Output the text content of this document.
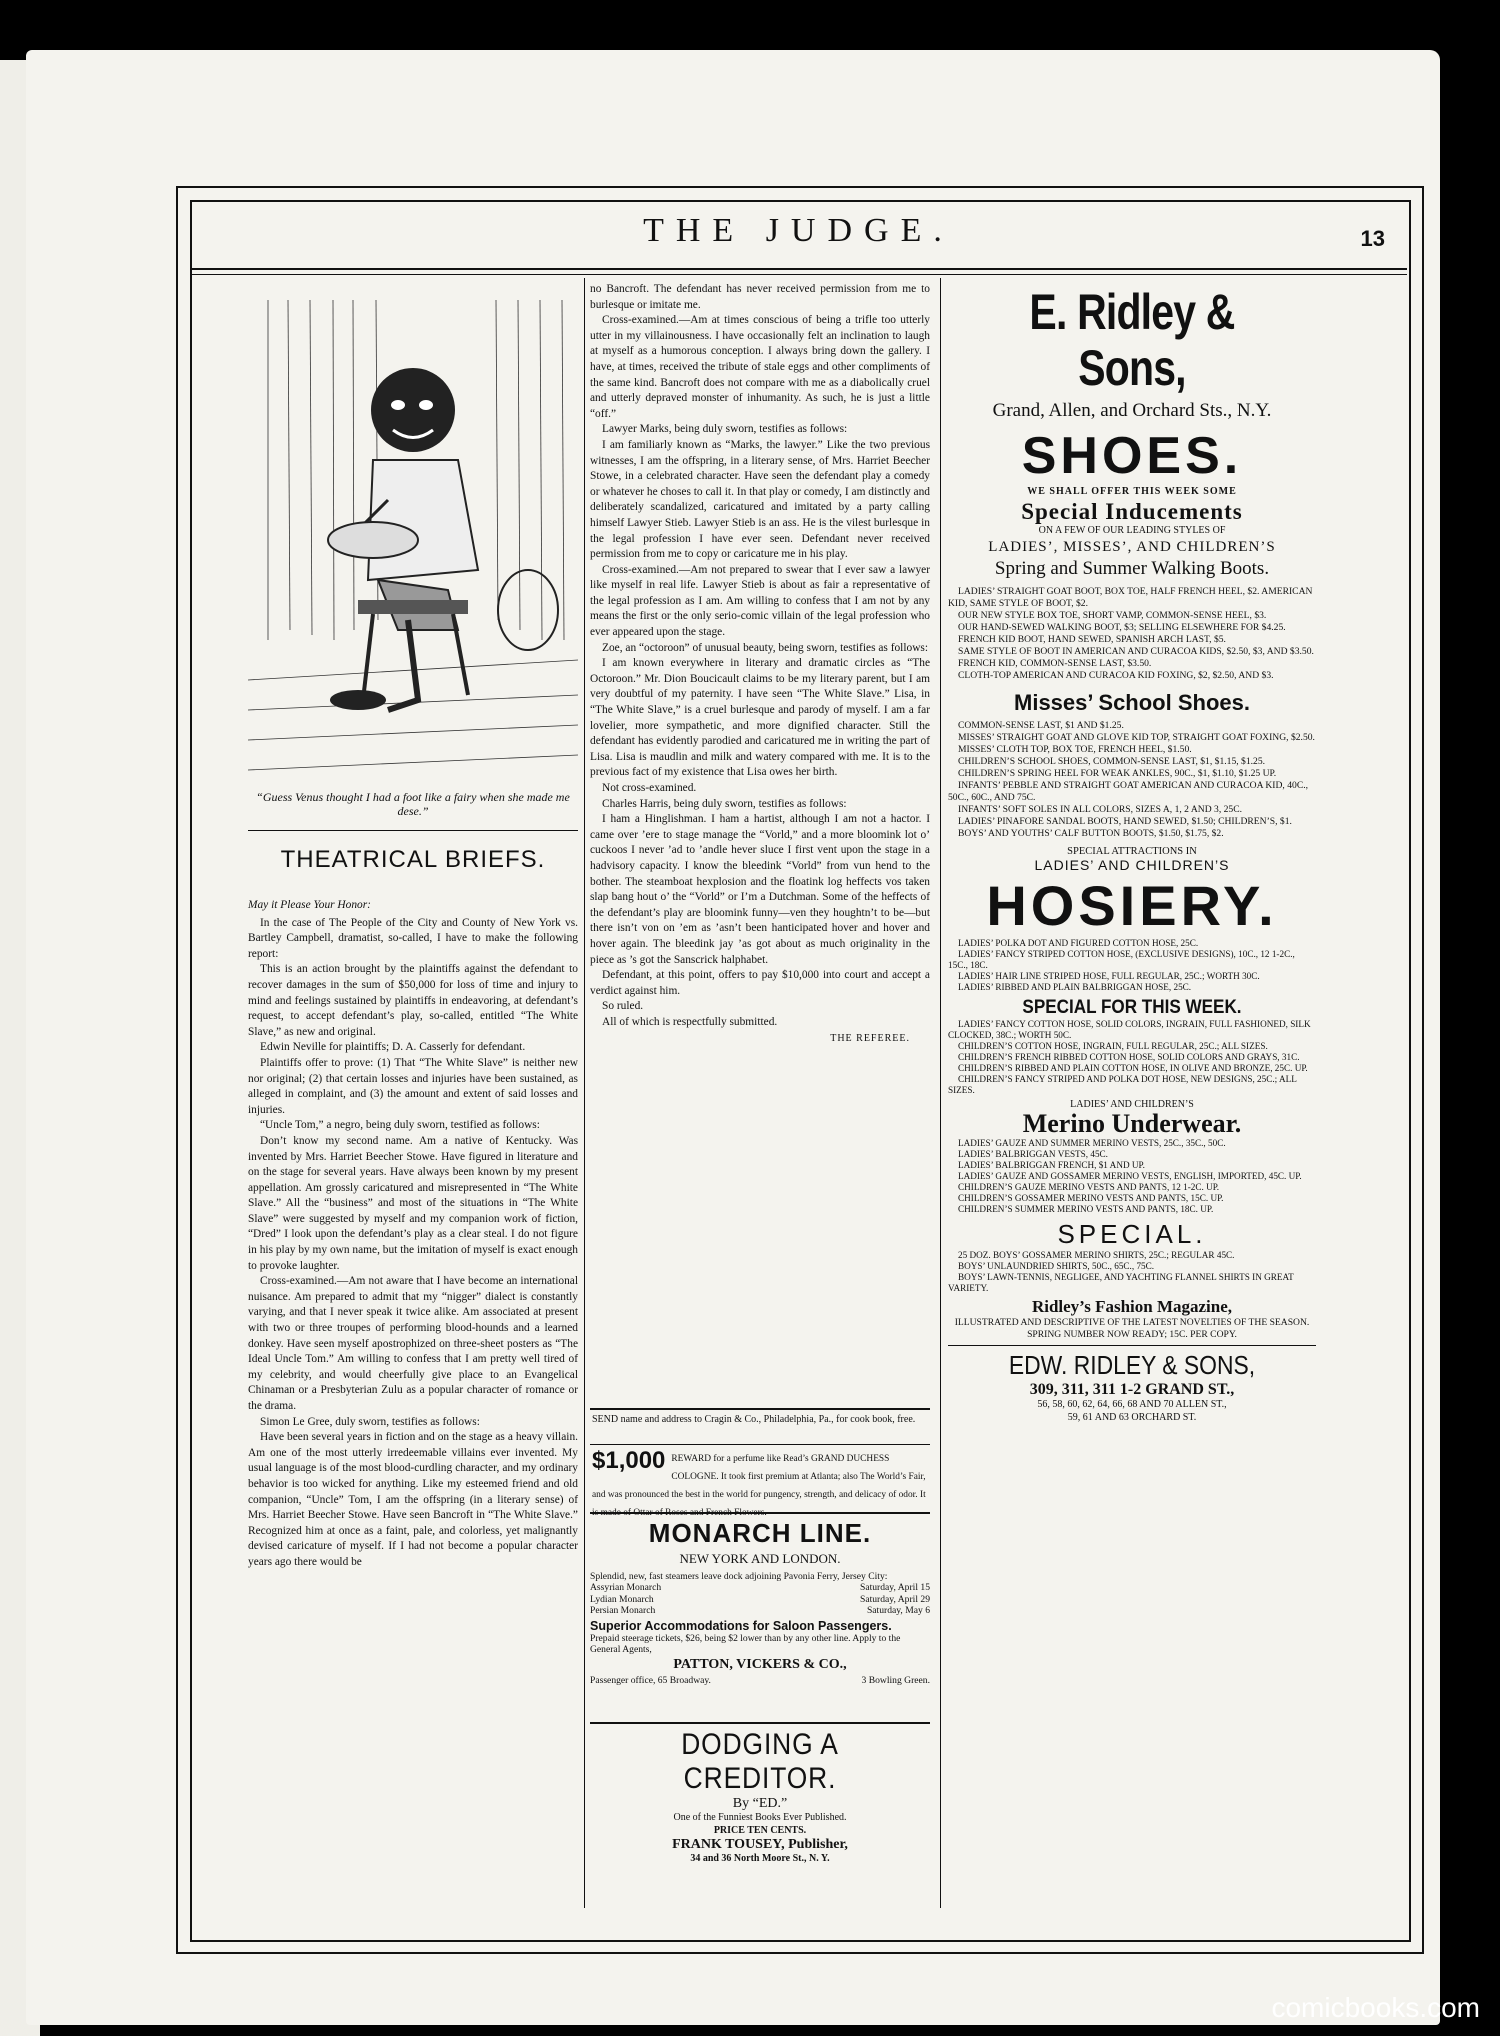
THE JUDGE.	13
“Guess Venus thought I had a foot like a fairy when she made me dese.”
THEATRICAL BRIEFS.

May it Please Your Honor:

In the case of The People of the City and County of New York vs. Bartley Campbell, dramatist, so-called, I have to make the following report:

This is an action brought by the plaintiffs against the defendant to recover damages in the sum of $50,000 for loss of time and injury to mind and feelings sustained by plaintiffs in endeavoring, at defendant’s request, to accept defendant’s play, so-called, entitled “The White Slave,” as new and original.

Edwin Neville for plaintiffs; D. A. Casserly for defendant.

Plaintiffs offer to prove: (1) That “The White Slave” is neither new nor original; (2) that certain losses and injuries have been sustained, as alleged in complaint, and (3) the amount and extent of said losses and injuries.

“Uncle Tom,” a negro, being duly sworn, testified as follows:

Don’t know my second name. Am a native of Kentucky. Was invented by Mrs. Harriet Beecher Stowe. Have figured in literature and on the stage for several years. Have always been known by my present appellation. Am grossly caricatured and misrepresented in “The White Slave.” All the “business” and most of the situations in “The White Slave” were suggested by myself and my companion work of fiction, “Dred” I look upon the defendant’s play as a clear steal. I do not figure in his play by my own name, but the imitation of myself is exact enough to provoke laughter.

Cross-examined.—Am not aware that I have become an international nuisance. Am prepared to admit that my “nigger” dialect is constantly varying, and that I never speak it twice alike. Am associated at present with two or three troupes of performing blood-hounds and a learned donkey. Have seen myself apostrophized on three-sheet posters as “The Ideal Uncle Tom.” Am willing to confess that I am pretty well tired of my celebrity, and would cheerfully give place to an Evangelical Chinaman or a Presbyterian Zulu as a popular character of romance or the drama.

Simon Le Gree, duly sworn, testifies as follows:

Have been several years in fiction and on the stage as a heavy villain. Am one of the most utterly irredeemable villains ever invented. My usual language is of the most blood-curdling character, and my ordinary behavior is too wicked for anything. Like my esteemed friend and old companion, “Uncle” Tom, I am the offspring (in a literary sense) of Mrs. Harriet Beecher Stowe. Have seen Bancroft in “The White Slave.” Recognized him at once as a faint, pale, and colorless, yet malignantly devised caricature of myself. If I had not become a popular character years ago there would be

no Bancroft. The defendant has never received permission from me to burlesque or imitate me.

Cross-examined.—Am at times conscious of being a trifle too utterly utter in my villainousness. I have occasionally felt an inclination to laugh at myself as a humorous conception. I always bring down the gallery. I have, at times, received the tribute of stale eggs and other compliments of the same kind. Bancroft does not compare with me as a diabolically cruel and utterly depraved monster of inhumanity. As such, he is just a little “off.”

Lawyer Marks, being duly sworn, testifies as follows:

I am familiarly known as “Marks, the lawyer.” Like the two previous witnesses, I am the offspring, in a literary sense, of Mrs. Harriet Beecher Stowe, in a celebrated character. Have seen the defendant play a comedy or whatever he choses to call it. In that play or comedy, I am distinctly and deliberately scandalized, caricatured and imitated by a party calling himself Lawyer Stieb. Lawyer Stieb is an ass. He is the vilest burlesque in the legal profession I have ever seen. Defendant never received permission from me to copy or caricature me in his play.

Cross-examined.—Am not prepared to swear that I ever saw a lawyer like myself in real life. Lawyer Stieb is about as fair a representative of the legal profession as I am. Am willing to confess that I am not by any means the first or the only serio-comic villain of the legal profession who ever appeared upon the stage.

Zoe, an “octoroon” of unusual beauty, being sworn, testifies as follows:

I am known everywhere in literary and dramatic circles as “The Octoroon.” Mr. Dion Boucicault claims to be my literary parent, but I am very doubtful of my paternity. I have seen “The White Slave.” Lisa, in “The White Slave,” is a cruel burlesque and parody of myself. I am a far lovelier, more sympathetic, and more dignified character. Still the defendant has evidently parodied and caricatured me in writing the part of Lisa. Lisa is maudlin and milk and watery compared with me. It is to the previous fact of my existence that Lisa owes her birth.

Not cross-examined.

Charles Harris, being duly sworn, testifies as follows:

I ham a Hinglishman. I ham a hartist, although I am not a hactor. I came over ’ere to stage manage the “Vorld,” and a more bloomink lot o’ cuckoos I never ’ad to ’andle hever sluce I first vent upon the stage in a hadvisory capacity. I know the bleedink “Vorld” from vun hend to the bother. The steamboat hexplosion and the floatink log heffects vos taken slap bang hout o’ the “Vorld” or I’m a Dutchman. Some of the heffects of the defendant’s play are bloomink funny—ven they houghtn’t to be—but there isn’t von on ’em as ’asn’t been hanticipated hover and hover and hover again. The bleedink jay ’as got about as much originality in the piece as ’s got the Sanscrick halphabet.

Defendant, at this point, offers to pay $10,000 into court and accept a verdict against him.

So ruled.

All of which is respectfully submitted.

THE REFEREE.

SEND name and address to Cragin & Co., Philadelphia, Pa., for cook book, free.
$1,000 REWARD for a perfume like Read’s GRAND DUCHESS COLOGNE. It took first premium at Atlanta; also The World’s Fair, and was pronounced the best in the world for pungency, strength, and delicacy of odor. It is made of Ottar of Roses and French Flowers.
MONARCH LINE.
NEW YORK AND LONDON.
Splendid, new, fast steamers leave dock adjoining Pavonia Ferry, Jersey City:
Assyrian Monarch	Saturday, April 15
Lydian Monarch	Saturday, April 29
Persian Monarch	Saturday, May 6
Superior Accommodations for Saloon Passengers.
Prepaid steerage tickets, $26, being $2 lower than by any other line. Apply to the General Agents,
PATTON, VICKERS & CO.,
Passenger office, 65 Broadway.	3 Bowling Green.
DODGING A CREDITOR.
By “ED.”
One of the Funniest Books Ever Published.
PRICE TEN CENTS.
FRANK TOUSEY, Publisher,
34 and 36 North Moore St., N. Y.
E. Ridley & Sons,
Grand, Allen, and Orchard Sts., N.Y.
SHOES.
WE SHALL OFFER THIS WEEK SOME
Special Inducements
ON A FEW OF OUR LEADING STYLES OF
LADIES’, MISSES’, AND CHILDREN’S
Spring and Summer Walking Boots.
LADIES’ STRAIGHT GOAT BOOT, BOX TOE, HALF FRENCH HEEL, $2. AMERICAN KID, SAME STYLE OF BOOT, $2.
OUR NEW STYLE BOX TOE, SHORT VAMP, COMMON-SENSE HEEL, $3.
OUR HAND-SEWED WALKING BOOT, $3; SELLING ELSEWHERE FOR $4.25.
FRENCH KID BOOT, HAND SEWED, SPANISH ARCH LAST, $5.
SAME STYLE OF BOOT IN AMERICAN AND CURACOA KIDS, $2.50, $3, AND $3.50.
FRENCH KID, COMMON-SENSE LAST, $3.50.
CLOTH-TOP AMERICAN AND CURACOA KID FOXING, $2, $2.50, AND $3.
Misses’ School Shoes.
COMMON-SENSE LAST, $1 AND $1.25.
MISSES’ STRAIGHT GOAT AND GLOVE KID TOP, STRAIGHT GOAT FOXING, $2.50.
MISSES’ CLOTH TOP, BOX TOE, FRENCH HEEL, $1.50.
CHILDREN’S SCHOOL SHOES, COMMON-SENSE LAST, $1, $1.15, $1.25.
CHILDREN’S SPRING HEEL FOR WEAK ANKLES, 90C., $1, $1.10, $1.25 UP.
INFANTS’ PEBBLE AND STRAIGHT GOAT AMERICAN AND CURACOA KID, 40C., 50C., 60C., AND 75C.
INFANTS’ SOFT SOLES IN ALL COLORS, SIZES A, 1, 2 AND 3, 25C.
LADIES’ PINAFORE SANDAL BOOTS, HAND SEWED, $1.50; CHILDREN’S, $1.
BOYS’ AND YOUTHS’ CALF BUTTON BOOTS, $1.50, $1.75, $2.
SPECIAL ATTRACTIONS IN
LADIES’ AND CHILDREN’S
HOSIERY.
LADIES’ POLKA DOT AND FIGURED COTTON HOSE, 25C.
LADIES’ FANCY STRIPED COTTON HOSE, (EXCLUSIVE DESIGNS), 10C., 12 1-2C., 15C., 18C.
LADIES’ HAIR LINE STRIPED HOSE, FULL REGULAR, 25C.; WORTH 30C.
LADIES’ RIBBED AND PLAIN BALBRIGGAN HOSE, 25C.
SPECIAL FOR THIS WEEK.
LADIES’ FANCY COTTON HOSE, SOLID COLORS, INGRAIN, FULL FASHIONED, SILK CLOCKED, 38C.; WORTH 50C.
CHILDREN’S COTTON HOSE, INGRAIN, FULL REGULAR, 25C.; ALL SIZES.
CHILDREN’S FRENCH RIBBED COTTON HOSE, SOLID COLORS AND GRAYS, 31C.
CHILDREN’S RIBBED AND PLAIN COTTON HOSE, IN OLIVE AND BRONZE, 25C. UP.
CHILDREN’S FANCY STRIPED AND POLKA DOT HOSE, NEW DESIGNS, 25C.; ALL SIZES.
LADIES’ AND CHILDREN’S
Merino Underwear.
LADIES’ GAUZE AND SUMMER MERINO VESTS, 25C., 35C., 50C.
LADIES’ BALBRIGGAN VESTS, 45C.
LADIES’ BALBRIGGAN FRENCH, $1 AND UP.
LADIES’ GAUZE AND GOSSAMER MERINO VESTS, ENGLISH, IMPORTED, 45C. UP.
CHILDREN’S GAUZE MERINO VESTS AND PANTS, 12 1-2C. UP.
CHILDREN’S GOSSAMER MERINO VESTS AND PANTS, 15C. UP.
CHILDREN’S SUMMER MERINO VESTS AND PANTS, 18C. UP.
SPECIAL.
25 DOZ. BOYS’ GOSSAMER MERINO SHIRTS, 25C.; REGULAR 45C.
BOYS’ UNLAUNDRIED SHIRTS, 50C., 65C., 75C.
BOYS’ LAWN-TENNIS, NEGLIGEE, AND YACHTING FLANNEL SHIRTS IN GREAT VARIETY.
Ridley’s Fashion Magazine,
ILLUSTRATED AND DESCRIPTIVE OF THE LATEST NOVELTIES OF THE SEASON.
SPRING NUMBER NOW READY; 15C. PER COPY.
EDW. RIDLEY & SONS,
309, 311, 311 1-2 GRAND ST.,
56, 58, 60, 62, 64, 66, 68 AND 70 ALLEN ST.,
59, 61 AND 63 ORCHARD ST.
comicbooks.com
